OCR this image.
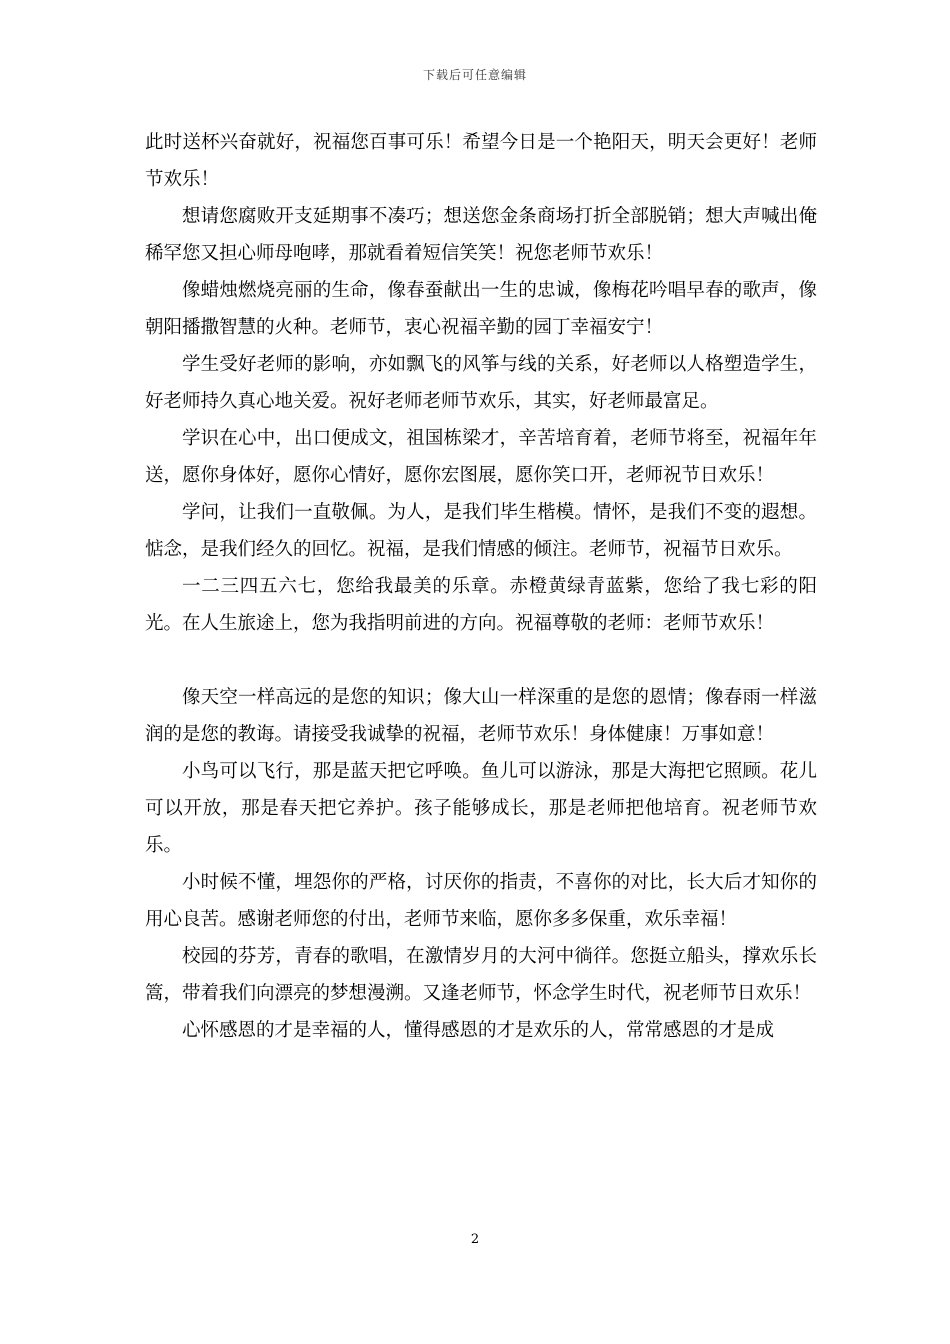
下载后可任意编辑

此时送杯兴奋就好，祝福您百事可乐！希望今日是一个艳阳天，明天会更好！老师节欢乐！

想请您腐败开支延期事不凑巧；想送您金条商场打折全部脱销；想大声喊出俺稀罕您又担心师母咆哮，那就看着短信笑笑！祝您老师节欢乐！

像蜡烛燃烧亮丽的生命，像春蚕献出一生的忠诚，像梅花吟唱早春的歌声，像朝阳播撒智慧的火种。老师节，衷心祝福辛勤的园丁幸福安宁！

学生受好老师的影响，亦如飘飞的风筝与线的关系，好老师以人格塑造学生，好老师持久真心地关爱。祝好老师老师节欢乐，其实，好老师最富足。

学识在心中，出口便成文，祖国栋梁才，辛苦培育着，老师节将至，祝福年年送，愿你身体好，愿你心情好，愿你宏图展，愿你笑口开，老师祝节日欢乐！

学问，让我们一直敬佩。为人，是我们毕生楷模。情怀，是我们不变的遐想。惦念，是我们经久的回忆。祝福，是我们情感的倾注。老师节，祝福节日欢乐。

一二三四五六七，您给我最美的乐章。赤橙黄绿青蓝紫，您给了我七彩的阳光。在人生旅途上，您为我指明前进的方向。祝福尊敬的老师：老师节欢乐！

像天空一样高远的是您的知识；像大山一样深重的是您的恩情；像春雨一样滋润的是您的教诲。请接受我诚挚的祝福，老师节欢乐！身体健康！万事如意！

小鸟可以飞行，那是蓝天把它呼唤。鱼儿可以游泳，那是大海把它照顾。花儿可以开放，那是春天把它养护。孩子能够成长，那是老师把他培育。祝老师节欢乐。

小时候不懂，埋怨你的严格，讨厌你的指责，不喜你的对比，长大后才知你的用心良苦。感谢老师您的付出，老师节来临，愿你多多保重，欢乐幸福！

校园的芬芳，青春的歌唱，在激情岁月的大河中徜徉。您挺立船头，撑欢乐长篙，带着我们向漂亮的梦想漫溯。又逢老师节，怀念学生时代，祝老师节日欢乐！

心怀感恩的才是幸福的人，懂得感恩的才是欢乐的人，常常感恩的才是成

2
